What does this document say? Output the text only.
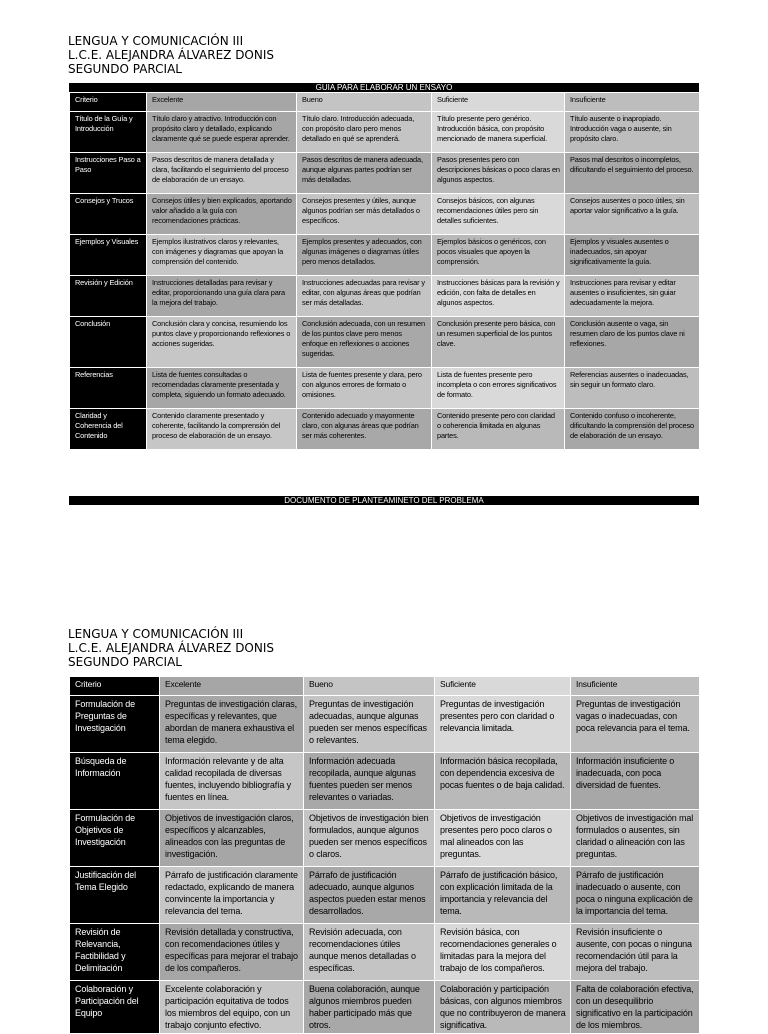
LENGUA Y COMUNICACIÓN III
L.C.E. ALEJANDRA ÁLVAREZ DONIS
SEGUNDO PARCIAL
GUIA PARA ELABORAR UN ENSAYO
Criterio	Excelente	Bueno	Suficiente	Insuficiente
Título de la Guía y Introducción	Título claro y atractivo. Introducción con propósito claro y detallado, explicando claramente qué se puede esperar aprender.	Título claro. Introducción adecuada, con propósito claro pero menos detallado en qué se aprenderá.	Título presente pero genérico. Introducción básica, con propósito mencionado de manera superficial.	Título ausente o inapropiado. Introducción vaga o ausente, sin propósito claro.
Instrucciones Paso a Paso	Pasos descritos de manera detallada y clara, facilitando el seguimiento del proceso de elaboración de un ensayo.	Pasos descritos de manera adecuada, aunque algunas partes podrían ser más detalladas.	Pasos presentes pero con descripciones básicas o poco claras en algunos aspectos.	Pasos mal descritos o incompletos, dificultando el seguimiento del proceso.
Consejos y Trucos	Consejos útiles y bien explicados, aportando valor añadido a la guía con recomendaciones prácticas.	Consejos presentes y útiles, aunque algunos podrían ser más detallados o específicos.	Consejos básicos, con algunas recomendaciones útiles pero sin detalles suficientes.	Consejos ausentes o poco útiles, sin aportar valor significativo a la guía.
Ejemplos y Visuales	Ejemplos ilustrativos claros y relevantes, con imágenes y diagramas que apoyan la comprensión del contenido.	Ejemplos presentes y adecuados, con algunas imágenes o diagramas útiles pero menos detallados.	Ejemplos básicos o genéricos, con pocos visuales que apoyen la comprensión.	Ejemplos y visuales ausentes o inadecuados, sin apoyar significativamente la guía.
Revisión y Edición	Instrucciones detalladas para revisar y editar, proporcionando una guía clara para la mejora del trabajo.	Instrucciones adecuadas para revisar y editar, con algunas áreas que podrían ser más detalladas.	Instrucciones básicas para la revisión y edición, con falta de detalles en algunos aspectos.	Instrucciones para revisar y editar ausentes o insuficientes, sin guiar adecuadamente la mejora.
Conclusión	Conclusión clara y concisa, resumiendo los puntos clave y proporcionando reflexiones o acciones sugeridas.	Conclusión adecuada, con un resumen de los puntos clave pero menos enfoque en reflexiones o acciones sugeridas.	Conclusión presente pero básica, con un resumen superficial de los puntos clave.	Conclusión ausente o vaga, sin resumen claro de los puntos clave ni reflexiones.
Referencias	Lista de fuentes consultadas o recomendadas claramente presentada y completa, siguiendo un formato adecuado.	Lista de fuentes presente y clara, pero con algunos errores de formato o omisiones.	Lista de fuentes presente pero incompleta o con errores significativos de formato.	Referencias ausentes o inadecuadas, sin seguir un formato claro.
Claridad y Coherencia del Contenido	Contenido claramente presentado y coherente, facilitando la comprensión del proceso de elaboración de un ensayo.	Contenido adecuado y mayormente claro, con algunas áreas que podrían ser más coherentes.	Contenido presente pero con claridad o coherencia limitada en algunas partes.	Contenido confuso o incoherente, dificultando la comprensión del proceso de elaboración de un ensayo.
DOCUMENTO DE PLANTEAMINETO DEL PROBLEMA
LENGUA Y COMUNICACIÓN III
L.C.E. ALEJANDRA ÁLVAREZ DONIS
SEGUNDO PARCIAL
Criterio	Excelente	Bueno	Suficiente	Insuficiente
Formulación de Preguntas de Investigación	Preguntas de investigación claras, específicas y relevantes, que abordan de manera exhaustiva el tema elegido.	Preguntas de investigación adecuadas, aunque algunas pueden ser menos específicas o relevantes.	Preguntas de investigación presentes pero con claridad o relevancia limitada.	Preguntas de investigación vagas o inadecuadas, con poca relevancia para el tema.
Búsqueda de Información	Información relevante y de alta calidad recopilada de diversas fuentes, incluyendo bibliografía y fuentes en línea.	Información adecuada recopilada, aunque algunas fuentes pueden ser menos relevantes o variadas.	Información básica recopilada, con dependencia excesiva de pocas fuentes o de baja calidad.	Información insuficiente o inadecuada, con poca diversidad de fuentes.
Formulación de Objetivos de Investigación	Objetivos de investigación claros, específicos y alcanzables, alineados con las preguntas de investigación.	Objetivos de investigación bien formulados, aunque algunos pueden ser menos específicos o claros.	Objetivos de investigación presentes pero poco claros o mal alineados con las preguntas.	Objetivos de investigación mal formulados o ausentes, sin claridad o alineación con las preguntas.
Justificación del Tema Elegido	Párrafo de justificación claramente redactado, explicando de manera convincente la importancia y relevancia del tema.	Párrafo de justificación adecuado, aunque algunos aspectos pueden estar menos desarrollados.	Párrafo de justificación básico, con explicación limitada de la importancia y relevancia del tema.	Párrafo de justificación inadecuado o ausente, con poca o ninguna explicación de la importancia del tema.
Revisión de Relevancia, Factibilidad y Delimitación	Revisión detallada y constructiva, con recomendaciones útiles y específicas para mejorar el trabajo de los compañeros.	Revisión adecuada, con recomendaciones útiles aunque menos detalladas o específicas.	Revisión básica, con recomendaciones generales o limitadas para la mejora del trabajo de los compañeros.	Revisión insuficiente o ausente, con pocas o ninguna recomendación útil para la mejora del trabajo.
Colaboración y Participación del Equipo	Excelente colaboración y participación equitativa de todos los miembros del equipo, con un trabajo conjunto efectivo.	Buena colaboración, aunque algunos miembros pueden haber participado más que otros.	Colaboración y participación básicas, con algunos miembros que no contribuyeron de manera significativa.	Falta de colaboración efectiva, con un desequilibrio significativo en la participación de los miembros.
